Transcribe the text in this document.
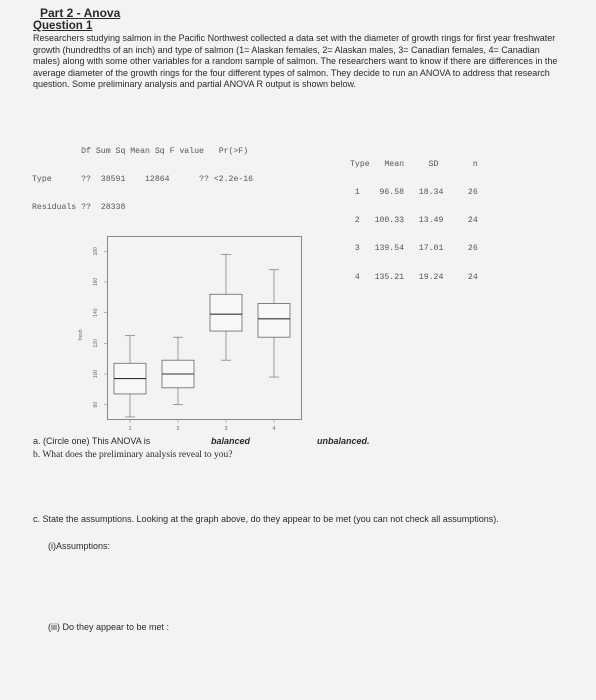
Part 2 - Anova
Question 1
Researchers studying salmon in the Pacific Northwest collected a data set with the diameter of growth rings for first year freshwater growth (hundredths of an inch) and type of salmon (1= Alaskan females, 2= Alaskan males, 3= Canadian females, 4= Canadian males) along with some other variables for a random sample of salmon. The researchers want to know if there are differences in the average diameter of the growth rings for the four different types of salmon. They decide to run an ANOVA to address that research question. Some preliminary analysis and partial ANOVA R output is shown below.

Df Sum Sq Mean Sq F value   Pr(>F)

Type      ??  38591    12864      ?? <2.2e-16

Residuals ??  28338

Type   Mean     SD       n

1    96.58   18.34     26

2   100.33   13.49     24

3   139.54   17.01     26

4   135.21   19.24     24

80
100
120
140
160
180
fresh
1	2	3	4
a. (Circle one) This ANOVA is	balanced	unbalanced.
b. What does the preliminary analysis reveal to you?
c. State the assumptions. Looking at the graph above, do they appear to be met (you can not check all assumptions).
(i)Assumptions:
(iii) Do they appear to be met :
